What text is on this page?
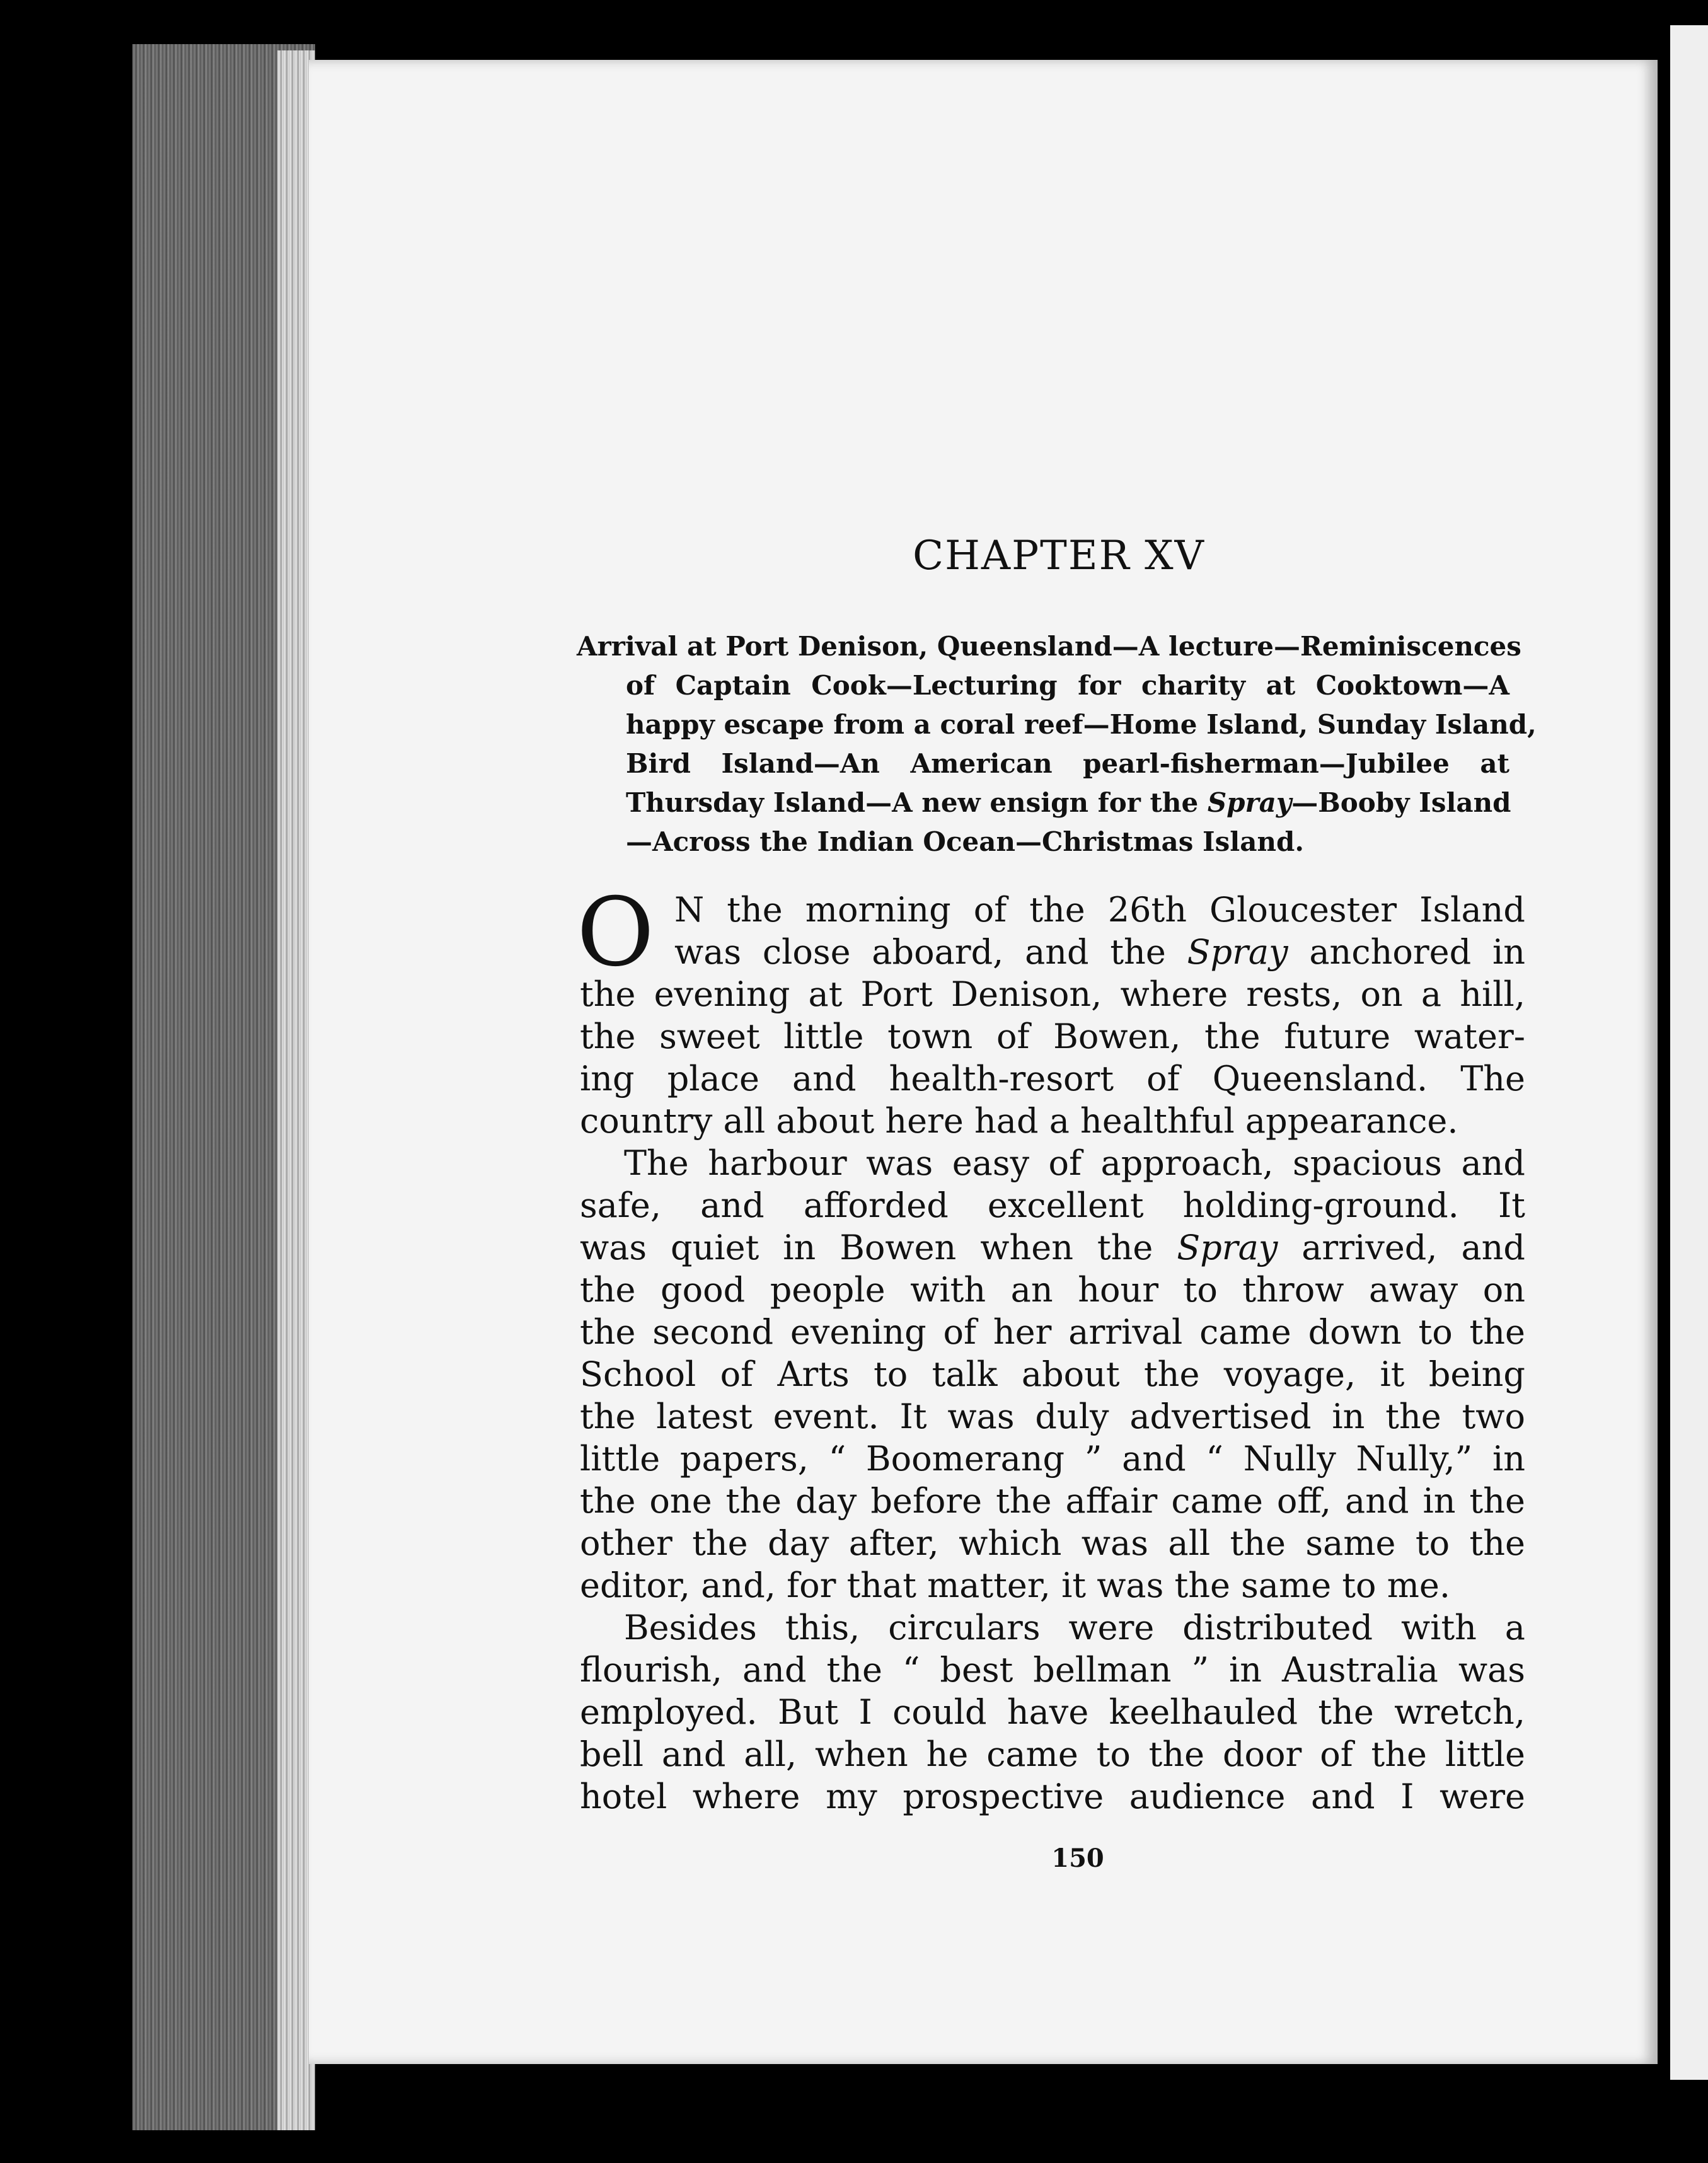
CHAPTER XV
Arrival at Port Denison, Queensland—A lecture—Reminiscences
of Captain Cook—Lecturing for charity at Cooktown—A
happy escape from a coral reef—Home Island, Sunday Island,
Bird Island—An American pearl-fisherman—Jubilee at
Thursday Island—A new ensign for the Spray—Booby Island
—Across the Indian Ocean—Christmas Island.
O N the morning of the 26th Gloucester Island
was close aboard, and the Spray anchored in
the evening at Port Denison, where rests, on a hill,
the sweet little town of Bowen, the future water-
ing place and health-resort of Queensland. The
country all about here had a healthful appearance.
The harbour was easy of approach, spacious and
safe, and afforded excellent holding-ground. It
was quiet in Bowen when the Spray arrived, and
the good people with an hour to throw away on
the second evening of her arrival came down to the
School of Arts to talk about the voyage, it being
the latest event. It was duly advertised in the two
little papers, “ Boomerang ” and “ Nully Nully,” in
the one the day before the affair came off, and in the
other the day after, which was all the same to the
editor, and, for that matter, it was the same to me.
Besides this, circulars were distributed with a
flourish, and the “ best bellman ” in Australia was
employed. But I could have keelhauled the wretch,
bell and all, when he came to the door of the little
hotel where my prospective audience and I were
150
